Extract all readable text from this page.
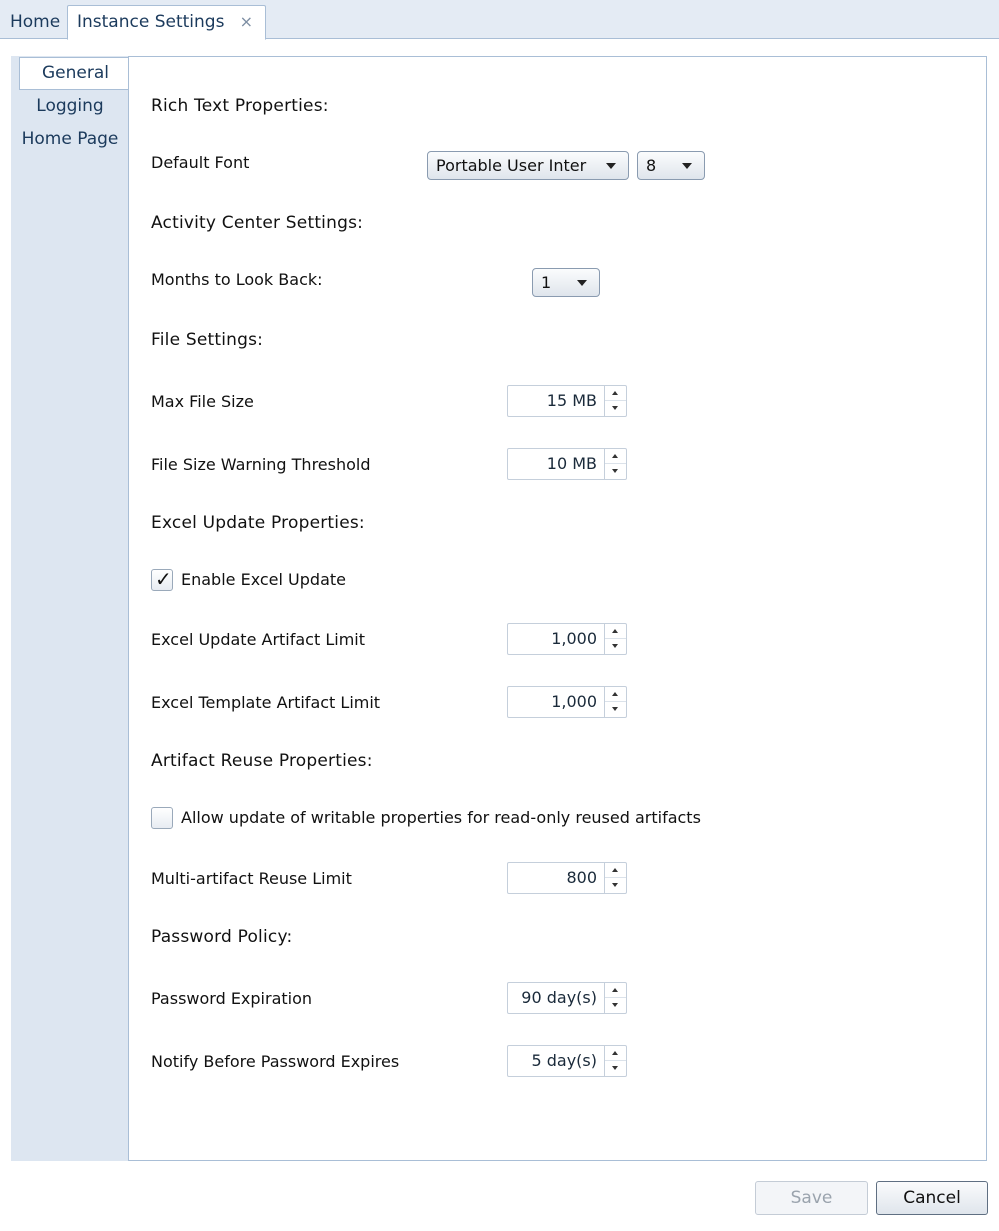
Home Instance Settings ×
General
Logging
Home Page
Rich Text Properties:
Default Font	Portable User Inter	8
Activity Center Settings:
Months to Look Back:	1
File Settings:
Max File Size	15 MB
File Size Warning Threshold	10 MB
Excel Update Properties:
✓ Enable Excel Update
Excel Update Artifact Limit	1,000
Excel Template Artifact Limit	1,000
Artifact Reuse Properties:
Allow update of writable properties for read-only reused artifacts
Multi-artifact Reuse Limit	800
Password Policy:
Password Expiration	90 day(s)
Notify Before Password Expires	5 day(s)
Save	Cancel
